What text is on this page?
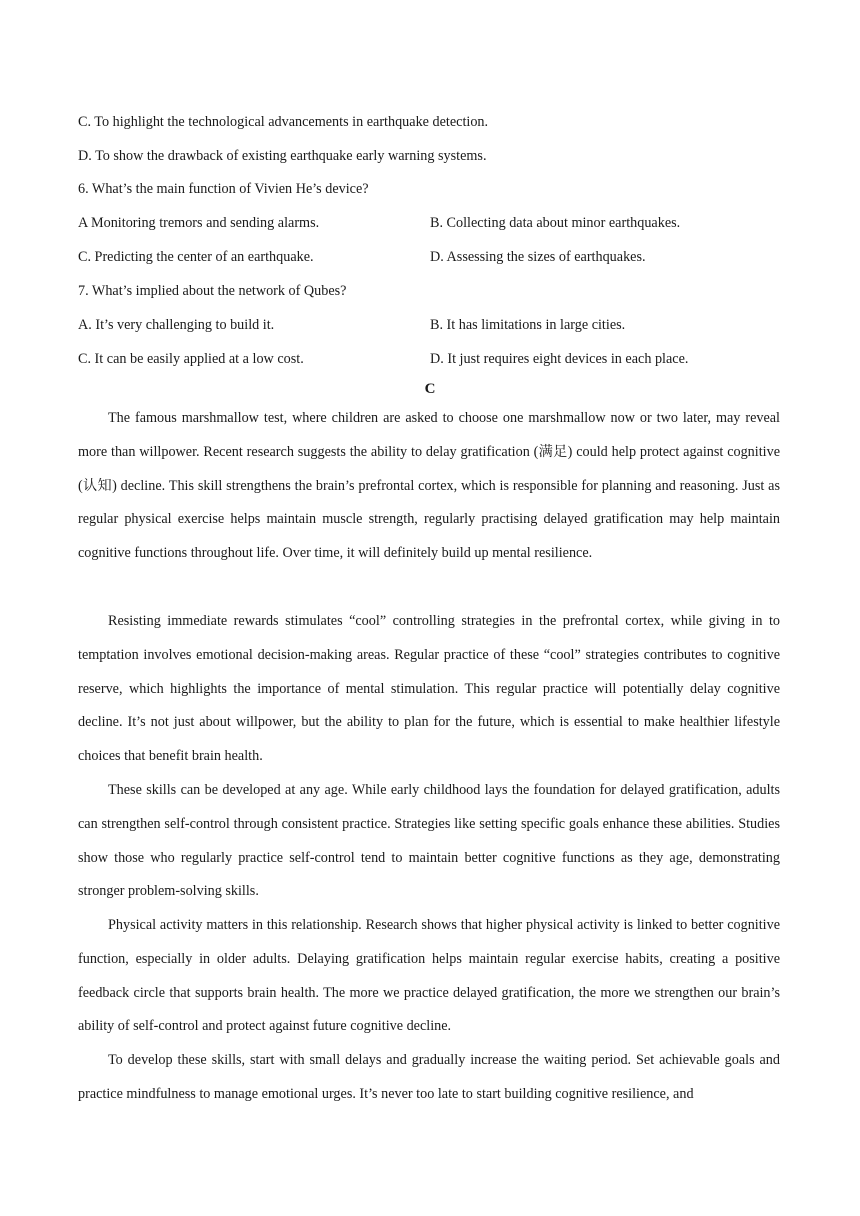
C. To highlight the technological advancements in earthquake detection.
D. To show the drawback of existing earthquake early warning systems.
6. What’s the main function of Vivien He’s device?
A Monitoring tremors and sending alarms.	B. Collecting data about minor earthquakes.
C. Predicting the center of an earthquake.	D. Assessing the sizes of earthquakes.
7. What’s implied about the network of Qubes?
A. It’s very challenging to build it.	B. It has limitations in large cities.
C. It can be easily applied at a low cost.	D. It just requires eight devices in each place.
C

The famous marshmallow test, where children are asked to choose one marshmallow now or two later, may reveal more than willpower. Recent research suggests the ability to delay gratification (满足) could help protect against cognitive (认知) decline. This skill strengthens the brain’s prefrontal cortex, which is responsible for planning and reasoning. Just as regular physical exercise helps maintain muscle strength, regularly practising delayed gratification may help maintain cognitive functions throughout life. Over time, it will definitely build up mental resilience.

Resisting immediate rewards stimulates “cool” controlling strategies in the prefrontal cortex, while giving in to temptation involves emotional decision-making areas. Regular practice of these “cool” strategies contributes to cognitive reserve, which highlights the importance of mental stimulation. This regular practice will potentially delay cognitive decline. It’s not just about willpower, but the ability to plan for the future, which is essential to make healthier lifestyle choices that benefit brain health.

These skills can be developed at any age. While early childhood lays the foundation for delayed gratification, adults can strengthen self-control through consistent practice. Strategies like setting specific goals enhance these abilities. Studies show those who regularly practice self-control tend to maintain better cognitive functions as they age, demonstrating stronger problem-solving skills.

Physical activity matters in this relationship. Research shows that higher physical activity is linked to better cognitive function, especially in older adults. Delaying gratification helps maintain regular exercise habits, creating a positive feedback circle that supports brain health. The more we practice delayed gratification, the more we strengthen our brain’s ability of self-control and protect against future cognitive decline.

To develop these skills, start with small delays and gradually increase the waiting period. Set achievable goals and practice mindfulness to manage emotional urges. It’s never too late to start building cognitive resilience, and
